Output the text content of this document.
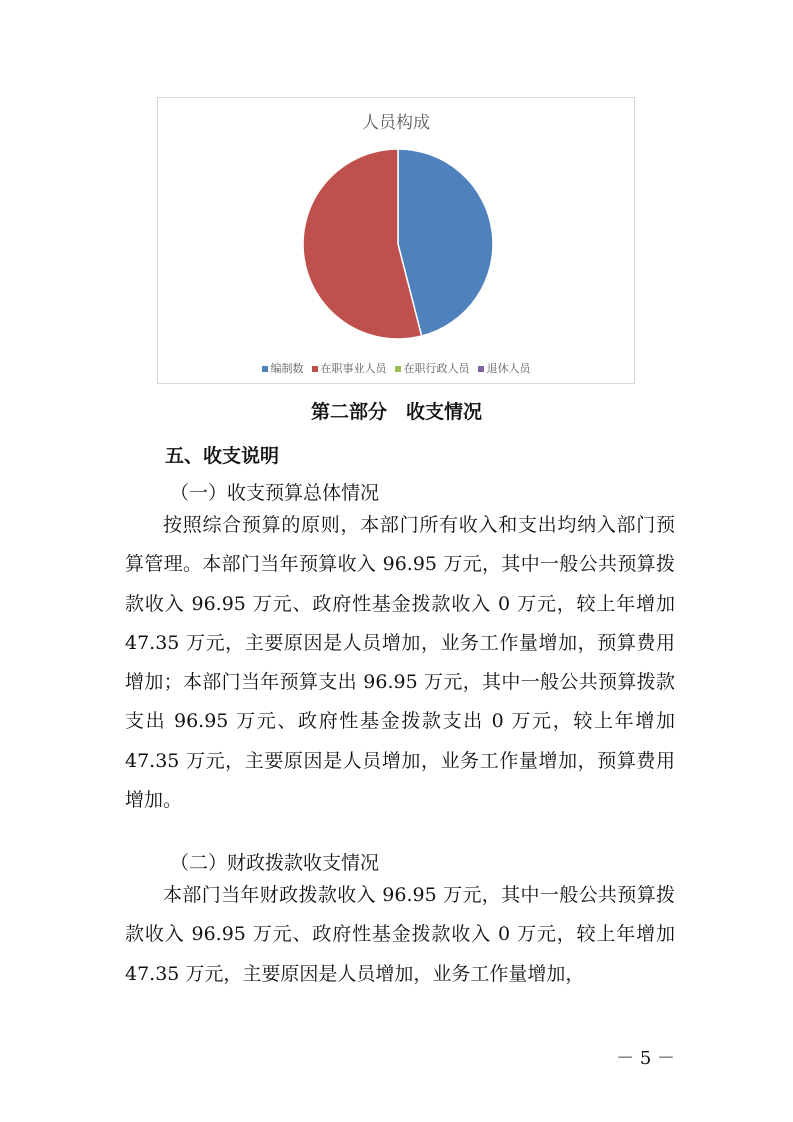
人员构成
编制数 在职事业人员 在职行政人员 退休人员
第二部分　收支情况
五、收支说明
（一）收支预算总体情况

按照综合预算的原则，本部门所有收入和支出均纳入部门预算管理。本部门当年预算收入 96.95 万元，其中一般公共预算拨款收入 96.95 万元、政府性基金拨款收入 0 万元，较上年增加 47.35 万元，主要原因是人员增加，业务工作量增加，预算费用增加；本部门当年预算支出 96.95 万元，其中一般公共预算拨款支出 96.95 万元、政府性基金拨款支出 0 万元，较上年增加 47.35 万元，主要原因是人员增加，业务工作量增加，预算费用增加。

（二）财政拨款收支情况

本部门当年财政拨款收入 96.95 万元，其中一般公共预算拨款收入 96.95 万元、政府性基金拨款收入 0 万元，较上年增加 47.35 万元，主要原因是人员增加，业务工作量增加，

－ 5 －
